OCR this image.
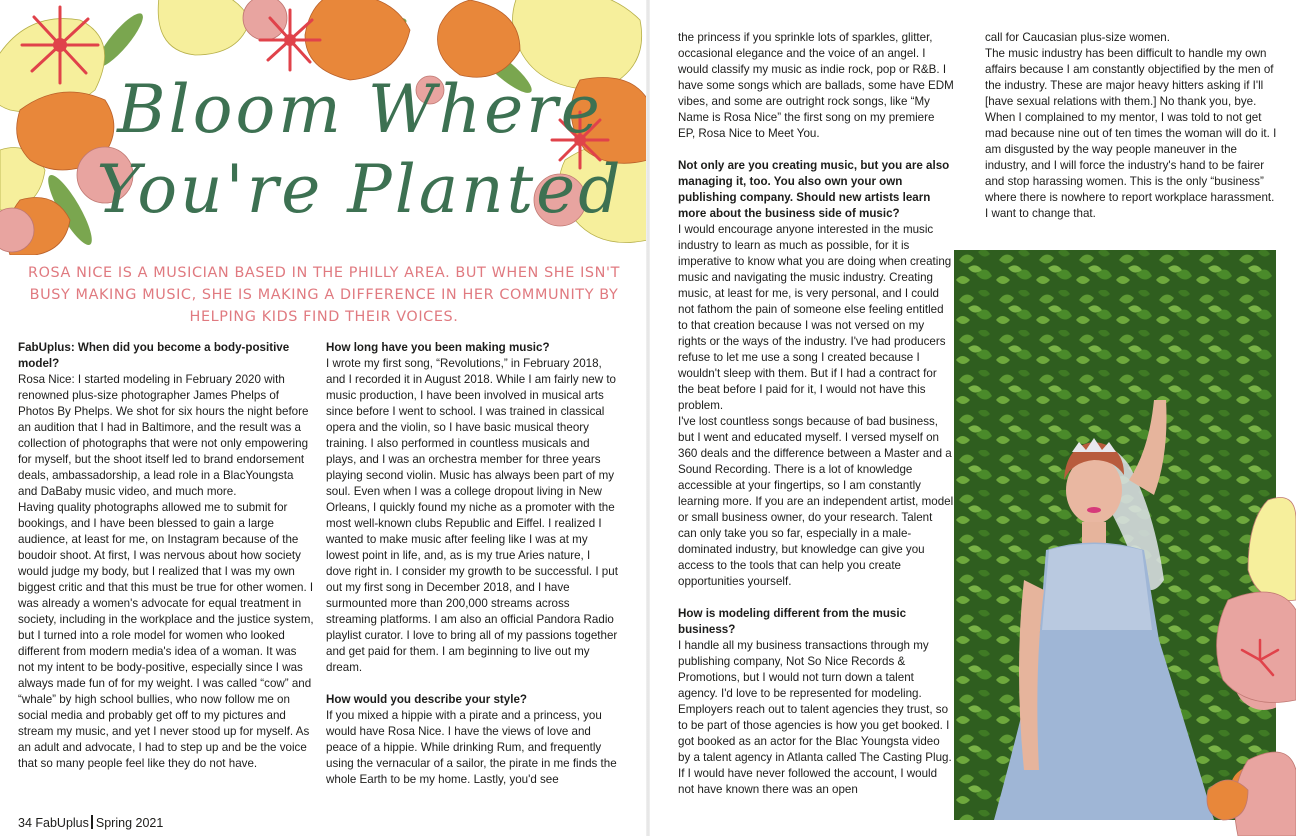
Bloom Where
You're Planted

ROSA NICE IS A MUSICIAN BASED IN THE PHILLY AREA. BUT WHEN SHE ISN'T BUSY MAKING MUSIC, SHE IS MAKING A DIFFERENCE IN HER COMMUNITY BY HELPING KIDS FIND THEIR VOICES.

FabUplus: When did you become a body-positive model?

Rosa Nice: I started modeling in February 2020 with renowned plus-size photographer James Phelps of Photos By Phelps. We shot for six hours the night before an audition that I had in Baltimore, and the result was a collection of photographs that were not only empowering for myself, but the shoot itself led to brand endorsement deals, ambassadorship, a lead role in a BlacYoungsta and DaBaby music video, and much more.

Having quality photographs allowed me to submit for bookings, and I have been blessed to gain a large audience, at least for me, on Instagram because of the boudoir shoot. At first, I was nervous about how society would judge my body, but I realized that I was my own biggest critic and that this must be true for other women. I was already a women's advocate for equal treatment in society, including in the workplace and the justice system, but I turned into a role model for women who looked different from modern media's idea of a woman. It was not my intent to be body-positive, especially since I was always made fun of for my weight. I was called “cow” and “whale” by high school bullies, who now follow me on social media and probably get off to my pictures and stream my music, and yet I never stood up for myself. As an adult and advocate, I had to step up and be the voice that so many people feel like they do not have.

How long have you been making music?

I wrote my first song, “Revolutions,” in February 2018, and I recorded it in August 2018. While I am fairly new to music production, I have been involved in musical arts since before I went to school. I was trained in classical opera and the violin, so I have basic musical theory training. I also performed in countless musicals and plays, and I was an orchestra member for three years playing second violin. Music has always been part of my soul. Even when I was a college dropout living in New Orleans, I quickly found my niche as a promoter with the most well-known clubs Republic and Eiffel. I realized I wanted to make music after feeling like I was at my lowest point in life, and, as is my true Aries nature, I dove right in. I consider my growth to be successful. I put out my first song in December 2018, and I have surmounted more than 200,000 streams across streaming platforms. I am also an official Pandora Radio playlist curator. I love to bring all of my passions together and get paid for them. I am beginning to live out my dream.

How would you describe your style?

If you mixed a hippie with a pirate and a princess, you would have Rosa Nice. I have the views of love and peace of a hippie. While drinking Rum, and frequently using the vernacular of a sailor, the pirate in me finds the whole Earth to be my home. Lastly, you'd see

34 FabUplus Spring 2021

the princess if you sprinkle lots of sparkles, glitter, occasional elegance and the voice of an angel. I would classify my music as indie rock, pop or R&B. I have some songs which are ballads, some have EDM vibes, and some are outright rock songs, like “My Name is Rosa Nice” the first song on my premiere EP, Rosa Nice to Meet You.

Not only are you creating music, but you are also managing it, too. You also own your own publishing company. Should new artists learn more about the business side of music?

I would encourage anyone interested in the music industry to learn as much as possible, for it is imperative to know what you are doing when creating music and navigating the music industry. Creating music, at least for me, is very personal, and I could not fathom the pain of someone else feeling entitled to that creation because I was not versed on my rights or the ways of the industry. I've had producers refuse to let me use a song I created because I wouldn't sleep with them. But if I had a contract for the beat before I paid for it, I would not have this problem.

I've lost countless songs because of bad business, but I went and educated myself. I versed myself on 360 deals and the difference between a Master and a Sound Recording. There is a lot of knowledge accessible at your fingertips, so I am constantly learning more. If you are an independent artist, model or small business owner, do your research. Talent can only take you so far, especially in a male-dominated industry, but knowledge can give you access to the tools that can help you create opportunities yourself.

How is modeling different from the music business?

I handle all my business transactions through my publishing company, Not So Nice Records & Promotions, but I would not turn down a talent agency. I'd love to be represented for modeling. Employers reach out to talent agencies they trust, so to be part of those agencies is how you get booked. I got booked as an actor for the Blac Youngsta video by a talent agency in Atlanta called The Casting Plug. If I would have never followed the account, I would not have known there was an open

call for Caucasian plus-size women.

The music industry has been difficult to handle my own affairs because I am constantly objectified by the men of the industry. These are major heavy hitters asking if I'll [have sexual relations with them.] No thank you, bye. When I complained to my mentor, I was told to not get mad because nine out of ten times the woman will do it. I am disgusted by the way people maneuver in the industry, and I will force the industry's hand to be fairer and stop harassing women. This is the only “business” where there is nowhere to report workplace harassment. I want to change that.
